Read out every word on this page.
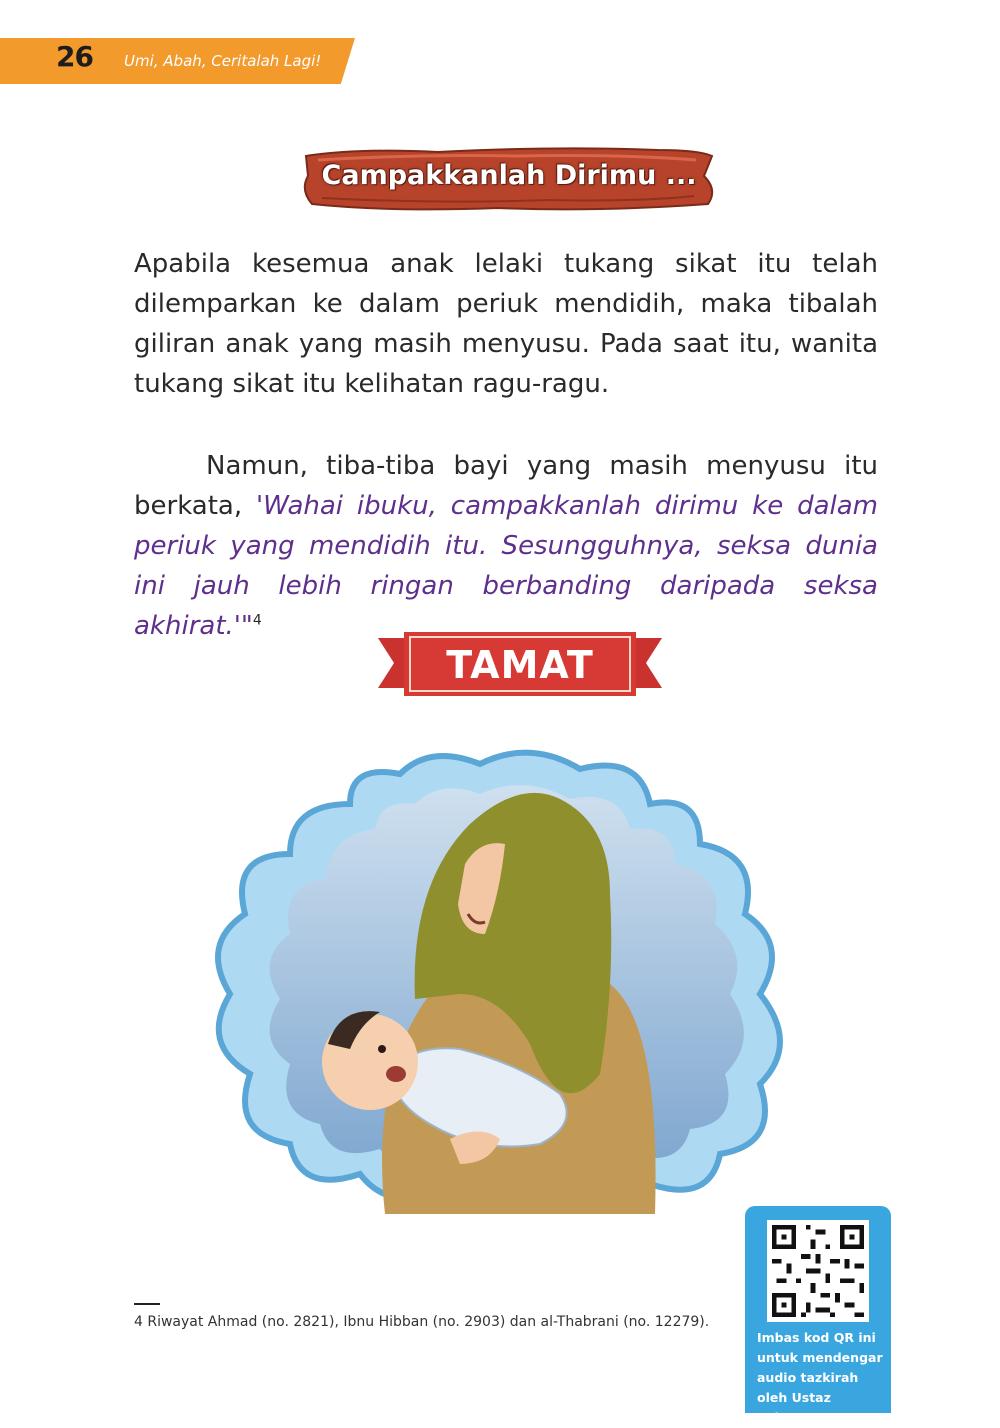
26 Umi, Abah, Ceritalah Lagi!
Campakkanlah Dirimu ...

Apabila kesemua anak lelaki tukang sikat itu telah dilemparkan ke dalam periuk mendidih, maka tibalah giliran anak yang masih menyusu. Pada saat itu, wanita tukang sikat itu kelihatan ragu-ragu.

Namun, tiba-tiba bayi yang masih menyusu itu berkata, 'Wahai ibuku, campakkanlah dirimu ke dalam periuk yang mendidih itu. Sesungguhnya, seksa dunia ini jauh lebih ringan berbanding daripada seksa akhirat.'"$^4$

TAMAT
4 Riwayat Ahmad (no. 2821), Ibnu Hibban (no. 2903) dan al-Thabrani (no. 12279).
Imbas kod QR ini untuk mendengar audio tazkirah oleh Ustaz Zahazan.
